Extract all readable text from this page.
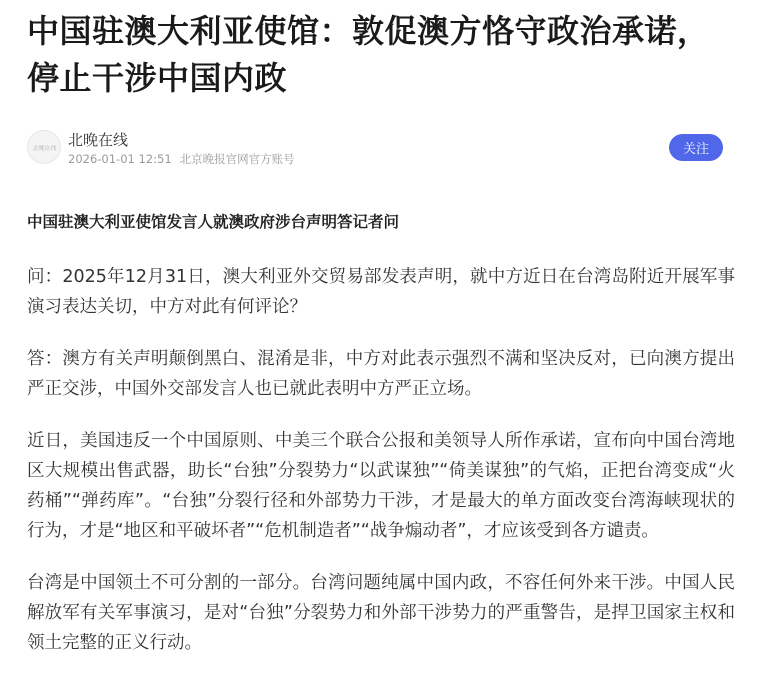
中国驻澳大利亚使馆：敦促澳方恪守政治承诺，停止干涉中国内政
北晚在线 北晚在线
2026-01-01 12:51 北京晚报官网官方账号
关注
中国驻澳大利亚使馆发言人就澳政府涉台声明答记者问

问：2025年12月31日，澳大利亚外交贸易部发表声明，就中方近日在台湾岛附近开展军事演习表达关切，中方对此有何评论？

答：澳方有关声明颠倒黑白、混淆是非，中方对此表示强烈不满和坚决反对，已向澳方提出严正交涉，中国外交部发言人也已就此表明中方严正立场。

近日，美国违反一个中国原则、中美三个联合公报和美领导人所作承诺，宣布向中国台湾地区大规模出售武器，助长“台独”分裂势力“以武谋独”“倚美谋独”的气焰，正把台湾变成“火药桶”“弹药库”。“台独”分裂行径和外部势力干涉，才是最大的单方面改变台湾海峡现状的行为，才是“地区和平破坏者”“危机制造者”“战争煽动者”，才应该受到各方谴责。

台湾是中国领土不可分割的一部分。台湾问题纯属中国内政，不容任何外来干涉。中国人民解放军有关军事演习，是对“台独”分裂势力和外部干涉势力的严重警告，是捍卫国家主权和领土完整的正义行动。
